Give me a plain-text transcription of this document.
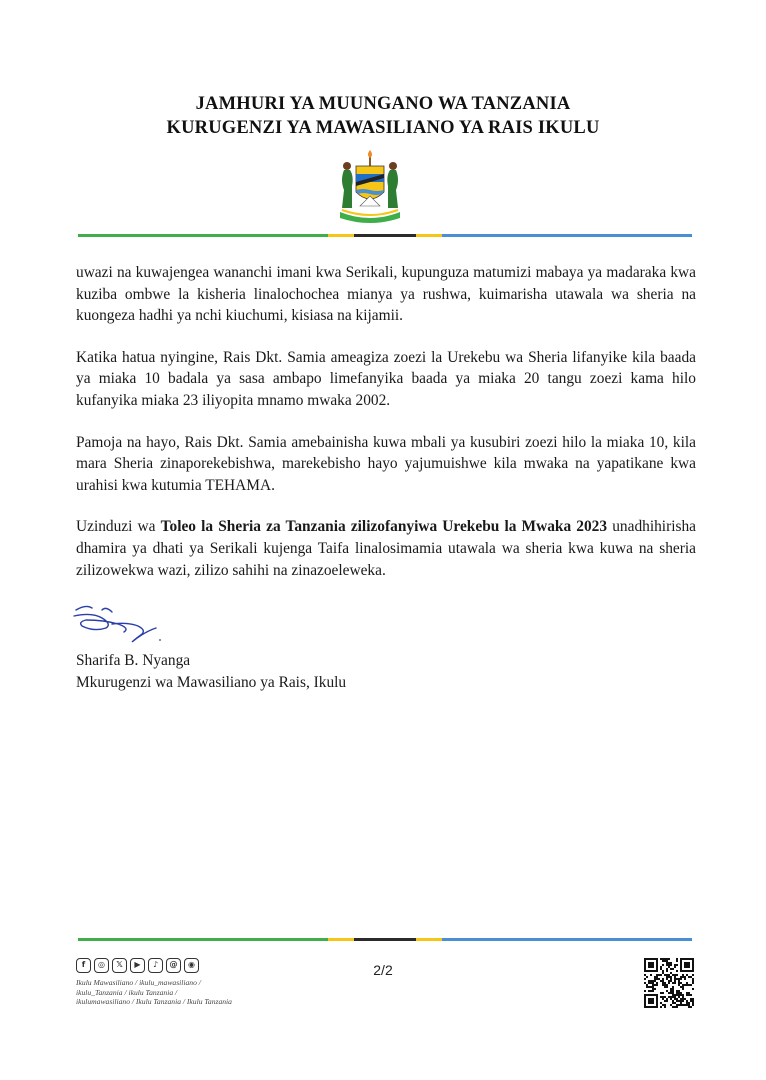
JAMHURI YA MUUNGANO WA TANZANIA
KURUGENZI YA MAWASILIANO YA RAIS IKULU

uwazi na kuwajengea wananchi imani kwa Serikali, kupunguza matumizi mabaya ya madaraka kwa kuziba ombwe la kisheria linalochochea mianya ya rushwa, kuimarisha utawala wa sheria na kuongeza hadhi ya nchi kiuchumi, kisiasa na kijamii.

Katika hatua nyingine, Rais Dkt. Samia ameagiza zoezi la Urekebu wa Sheria lifanyike kila baada ya miaka 10 badala ya sasa ambapo limefanyika baada ya miaka 20 tangu zoezi kama hilo kufanyika miaka 23 iliyopita mnamo mwaka 2002.

Pamoja na hayo, Rais Dkt. Samia amebainisha kuwa mbali ya kusubiri zoezi hilo la miaka 10, kila mara Sheria zinaporekebishwa, marekebisho hayo yajumuishwe kila mwaka na yapatikane kwa urahisi kwa kutumia TEHAMA.

Uzinduzi wa Toleo la Sheria za Tanzania zilizofanyiwa Urekebu la Mwaka 2023 unadhihirisha dhamira ya dhati ya Serikali kujenga Taifa linalosimamia utawala wa sheria kwa kuwa na sheria zilizowekwa wazi, zilizo sahihi na zinazoeleweka.

Sharifa B. Nyanga
Mkurugenzi wa Mawasiliano ya Rais, Ikulu
f	◎	𝕏	▶	♪	@	◉
Ikulu Mawasiliano / ikulu_mawasiliano /
ikulu_Tanzania / ikulu Tanzania /
ikulumawasiliano / Ikulu Tanzania / Ikulu Tanzania
2/2
